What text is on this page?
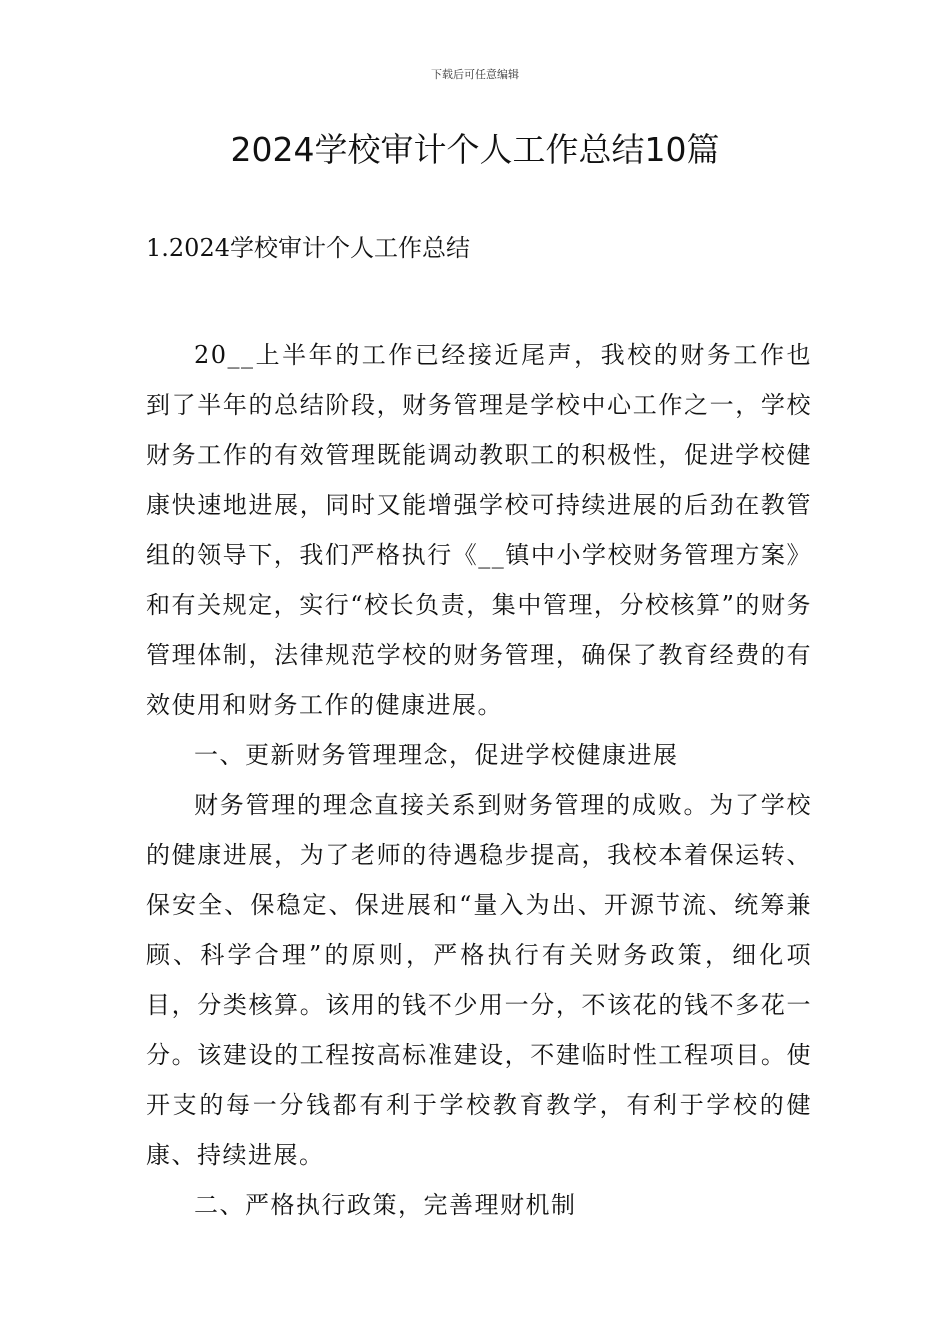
下载后可任意编辑
2024学校审计个人工作总结10篇
1.2024学校审计个人工作总结

20__上半年的工作已经接近尾声，我校的财务工作也到了半年的总结阶段，财务管理是学校中心工作之一，学校财务工作的有效管理既能调动教职工的积极性，促进学校健康快速地进展，同时又能增强学校可持续进展的后劲在教管组的领导下，我们严格执行《__镇中小学校财务管理方案》和有关规定，实行“校长负责，集中管理，分校核算”的财务管理体制，法律规范学校的财务管理，确保了教育经费的有效使用和财务工作的健康进展。

一、更新财务管理理念，促进学校健康进展

财务管理的理念直接关系到财务管理的成败。为了学校的健康进展，为了老师的待遇稳步提高，我校本着保运转、保安全、保稳定、保进展和“量入为出、开源节流、统筹兼顾、科学合理”的原则，严格执行有关财务政策，细化项目，分类核算。该用的钱不少用一分，不该花的钱不多花一分。该建设的工程按高标准建设，不建临时性工程项目。使开支的每一分钱都有利于学校教育教学，有利于学校的健康、持续进展。

二、严格执行政策，完善理财机制
